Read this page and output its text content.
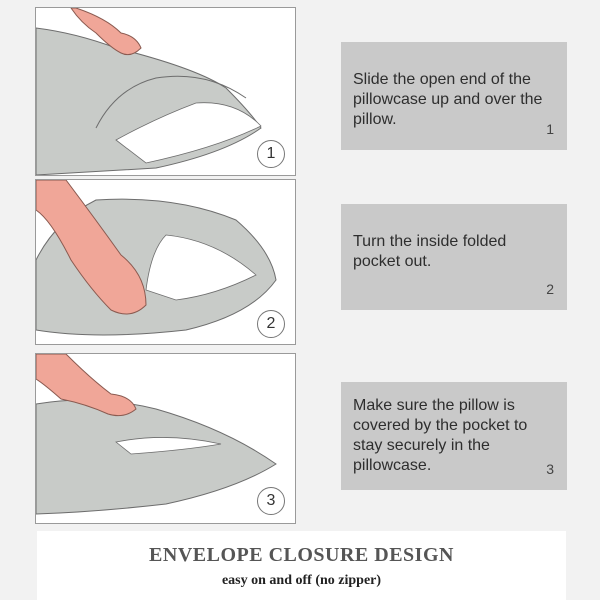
1
2
3
Slide the open end of the pillowcase up and over the pillow.
1
Turn the inside folded pocket out.
2
Make sure the pillow is covered by the pocket to stay securely in the pillowcase.	3
ENVELOPE CLOSURE DESIGN
easy on and off (no zipper)
